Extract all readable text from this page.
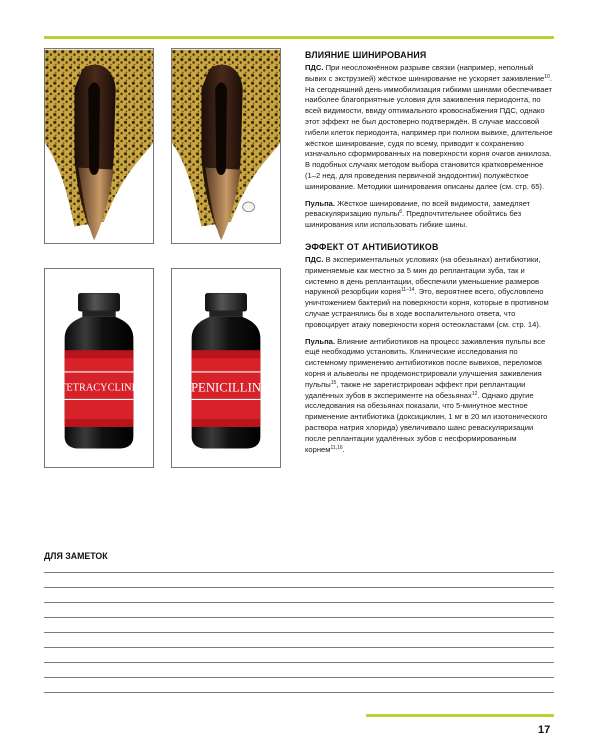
TETRACYCLINE	PENICILLIN
ВЛИЯНИЕ ШИНИРОВАНИЯ

ПДС. При неосложнённом разрыве связки (например, неполный вывих с экструзией) жёсткое шинирование не ускоряет заживление$^{10}$. На сегодняшний день иммобилизация гибкими шинами обеспечивает наиболее благоприятные условия для заживления периодонта, по всей видимости, ввиду оптимального кровоснабжения ПДС, однако этот эффект не был достоверно подтверждён. В случае массовой гибели клеток периодонта, например при полном вывихе, длительное жёсткое шинирование, судя по всему, приводит к сохранению изначально сформированных на поверхности корня очагов анкилоза. В подобных случаях методом выбора становится кратковременное (1–2 нед, для проведения первичной эндодонтии) полужёсткое шинирование. Методики шинирования описаны далее (см. стр. 65).

Пульпа. Жёсткое шинирование, по всей видимости, замедляет реваскуляризацию пульпы$^6$. Предпочтительнее обойтись без шинирования или использовать гибкие шины.

ЭФФЕКТ ОТ АНТИБИОТИКОВ

ПДС. В экспериментальных условиях (на обезьянах) антибиотики, применяемые как местно за 5 мин до реплантации зуба, так и системно в день реплантации, обеспечили уменьшение размеров наружной резорбции корня$^{11-14}$. Это, вероятнее всего, обусловлено уничтожением бактерий на поверхности корня, которые в противном случае устранялись бы в ходе воспалительного ответа, что провоцирует атаку поверхности корня остеокластами (см. стр. 14).

Пульпа. Влияние антибиотиков на процесс заживления пульпы все ещё необходимо установить. Клинические исследования по системному применению антибиотиков после вывихов, переломов корня и альвеолы не продемонстрировали улучшения заживления пульпы$^{15}$, также не зарегистрирован эффект при реплантации удалённых зубов в эксперименте на обезьянах$^{12}$. Однако другие исследования на обезьянах показали, что 5-минутное местное применение антибиотика (доксициклин, 1 мг в 20 мл изотонического раствора натрия хлорида) увеличивало шанс реваскуляризации после реплантации удалённых зубов с несформированным корнем$^{11,16}$.

ДЛЯ ЗАМЕТОК
17
